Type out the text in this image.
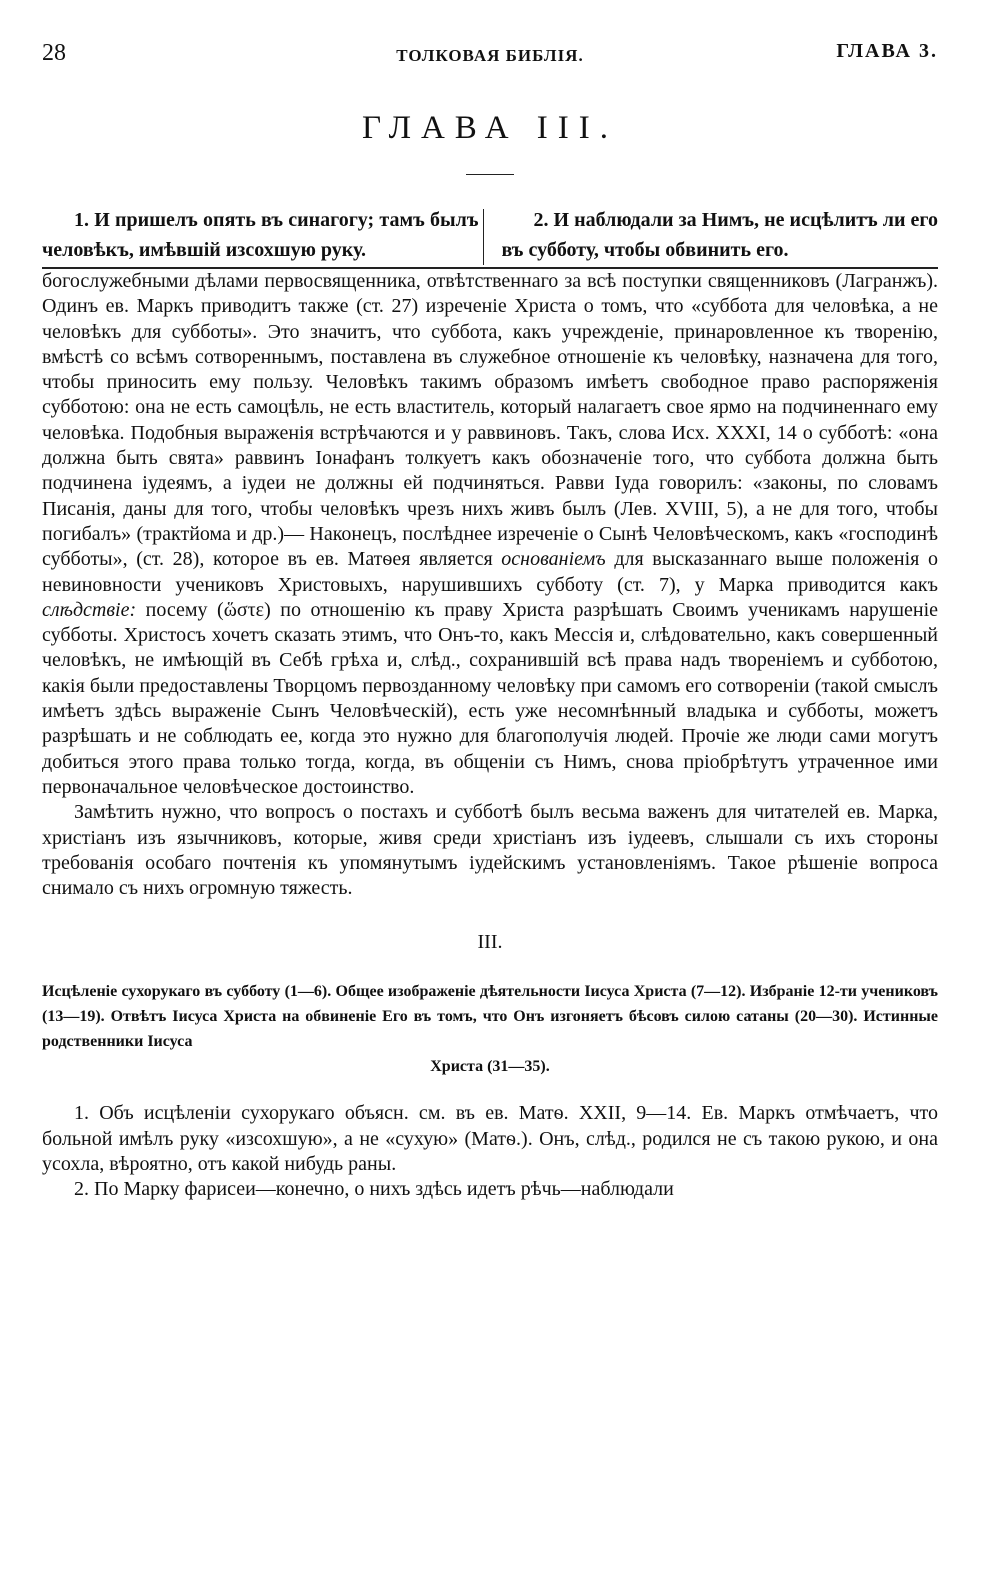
28	ТОЛКОВАЯ БИБЛІЯ.	ГЛАВА 3.
ГЛАВА III.
1. И пришелъ опять въ синагогу; тамъ былъ человѣкъ, имѣвшій изсохшую руку.
2. И наблюдали за Нимъ, не исцѣлитъ ли его въ субботу, чтобы обвинить его.

богослужебными дѣлами первосвященника, отвѣтственнаго за всѣ поступки священниковъ (Лагранжъ). Одинъ ев. Маркъ приводитъ также (ст. 27) изреченіе Христа о томъ, что «суббота для человѣка, а не человѣкъ для субботы». Это значитъ, что суббота, какъ учрежденіе, принаровленное къ творенію, вмѣстѣ со всѣмъ сотвореннымъ, поставлена въ служебное отношеніе къ человѣку, назначена для того, чтобы приносить ему пользу. Человѣкъ такимъ образомъ имѣетъ свободное право распоряженія субботою: она не есть самоцѣль, не есть властитель, который налагаетъ свое ярмо на подчиненнаго ему человѣка. Подобныя выраженія встрѣчаются и у раввиновъ. Такъ, слова Исх. XXXI, 14 о субботѣ: «она должна быть свята» раввинъ Іонафанъ толкуетъ какъ обозначеніе того, что суббота должна быть подчинена іудеямъ, а іудеи не должны ей подчиняться. Равви Іуда говорилъ: «законы, по словамъ Писанія, даны для того, чтобы человѣкъ чрезъ нихъ живъ былъ (Лев. XVIII, 5), а не для того, чтобы погибалъ» (трактйома и др.)— Наконецъ, послѣднее изреченіе о Сынѣ Человѣческомъ, какъ «господинѣ субботы», (ст. 28), которое въ ев. Матѳея является основаніемъ для высказаннаго выше положенія о невиновности учениковъ Христовыхъ, нарушившихъ субботу (ст. 7), у Марка приводится какъ слѣдствіе: посему (ὥστε) по отношенію къ праву Христа разрѣшать Своимъ ученикамъ нарушеніе субботы. Христосъ хочетъ сказать этимъ, что Онъ-то, какъ Мессія и, слѣдовательно, какъ совершенный человѣкъ, не имѣющій въ Себѣ грѣха и, слѣд., сохранившій всѣ права надъ твореніемъ и субботою, какія были предоставлены Творцомъ первозданному человѣку при самомъ его сотвореніи (такой смыслъ имѣетъ здѣсь выраженіе Сынъ Человѣческій), есть уже несомнѣнный владыка и субботы, можетъ разрѣшать и не соблюдать ее, когда это нужно для благополучія людей. Прочіе же люди сами могутъ добиться этого права только тогда, когда, въ общеніи съ Нимъ, снова пріобрѣтутъ утраченное ими первоначальное человѣческое достоинство.

Замѣтить нужно, что вопросъ о постахъ и субботѣ былъ весьма важенъ для читателей ев. Марка, христіанъ изъ язычниковъ, которые, живя среди христіанъ изъ іудеевъ, слышали съ ихъ стороны требованія особаго почтенія къ упомянутымъ іудейскимъ установленіямъ. Такое рѣшеніе вопроса снимало съ нихъ огромную тяжесть.

III.
Исцѣленіе сухорукаго въ субботу (1—6). Общее изображеніе дѣятельности Іисуса Христа (7—12). Избраніе 12-ти учениковъ (13—19). Отвѣтъ Іисуса Христа на обвиненіе Его въ томъ, что Онъ изгоняетъ бѣсовъ силою сатаны (20—30). Истинные родственники Іисуса
Христа (31—35).

1. Объ исцѣленіи сухорукаго объясн. см. въ ев. Матѳ. XXII, 9—14. Ев. Маркъ отмѣчаетъ, что больной имѣлъ руку «изсохшую», а не «сухую» (Матѳ.). Онъ, слѣд., родился не съ такою рукою, и она усохла, вѣроятно, отъ какой нибудь раны.

2. По Марку фарисеи—конечно, о нихъ здѣсь идетъ рѣчь—наблюдали
